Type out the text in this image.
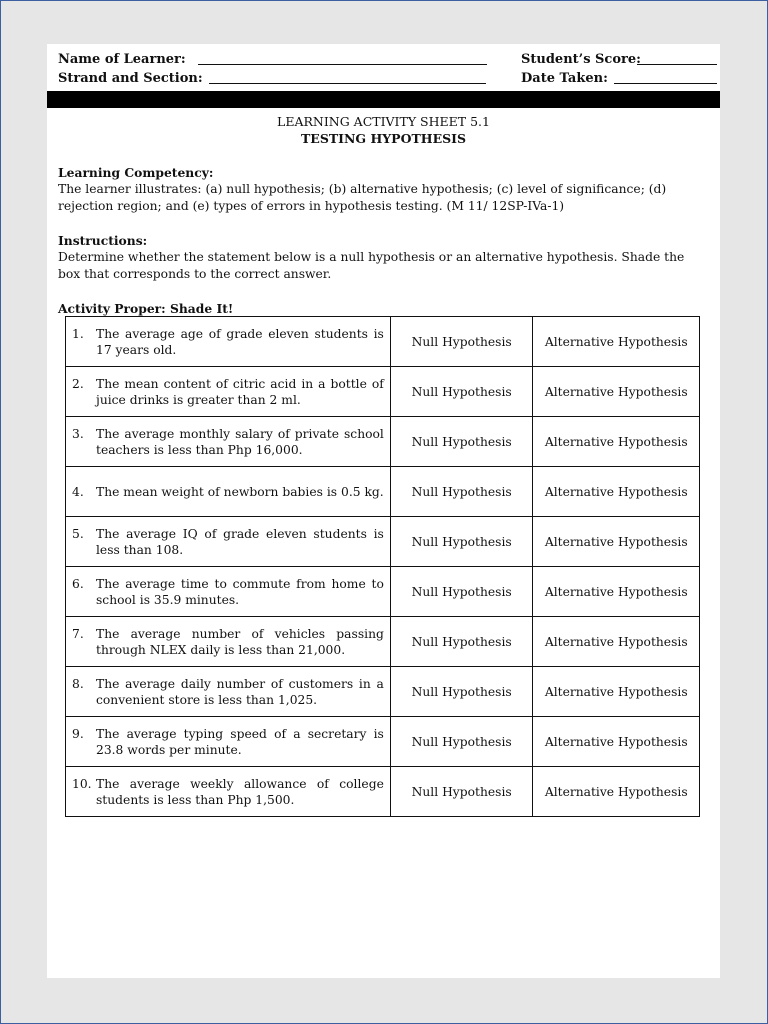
Name of Learner:	Student’s Score:
Strand and Section:	Date Taken:
LEARNING ACTIVITY SHEET 5.1
TESTING HYPOTHESIS
Learning Competency:

The learner illustrates: (a) null hypothesis; (b) alternative hypothesis; (c) level of significance; (d) rejection region; and (e) types of errors in hypothesis testing. (M 11/ 12SP-IVa-1)

Instructions:

Determine whether the statement below is a null hypothesis or an alternative hypothesis. Shade the box that corresponds to the correct answer.

Activity Proper: Shade It!
1. The average age of grade eleven students is 17 years old.	Null Hypothesis	Alternative Hypothesis

2. The mean content of citric acid in a bottle of juice drinks is greater than 2 ml.	Null Hypothesis	Alternative Hypothesis

3. The average monthly salary of private school teachers is less than Php 16,000.	Null Hypothesis	Alternative Hypothesis

4. The mean weight of newborn babies is 0.5 kg.	Null Hypothesis	Alternative Hypothesis

5. The average IQ of grade eleven students is less than 108.	Null Hypothesis	Alternative Hypothesis

6. The average time to commute from home to school is 35.9 minutes.	Null Hypothesis	Alternative Hypothesis

7. The average number of vehicles passing through NLEX daily is less than 21,000.	Null Hypothesis	Alternative Hypothesis

8. The average daily number of customers in a convenient store is less than 1,025.	Null Hypothesis	Alternative Hypothesis

9. The average typing speed of a secretary is 23.8 words per minute.	Null Hypothesis	Alternative Hypothesis

10. The average weekly allowance of college students is less than Php 1,500.	Null Hypothesis	Alternative Hypothesis
